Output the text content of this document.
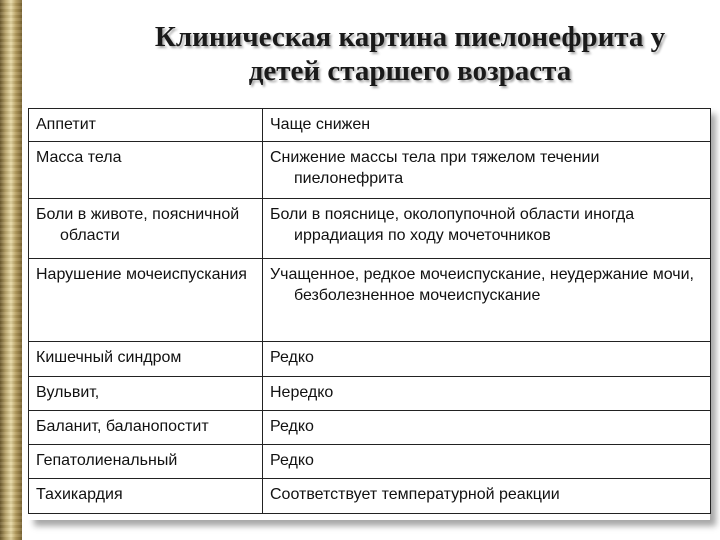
Клиническая картина пиелонефрита у
детей старшего возраста
Аппетит	Чаще снижен

Масса тела	Снижение массы тела при тяжелом течении пиелонефрита

Боли в животе, поясничной области	Боли в пояснице, околопупочной области иногда иррадиация по ходу мочеточников

Нарушение мочеиспускания	Учащенное, редкое мочеиспускание, неудержание мочи, безболезненное мочеиспускание

Кишечный синдром	Редко

Вульвит,	Нередко

Баланит, баланопостит	Редко

Гепатолиенальный	Редко

Тахикардия	Соответствует температурной реакции
